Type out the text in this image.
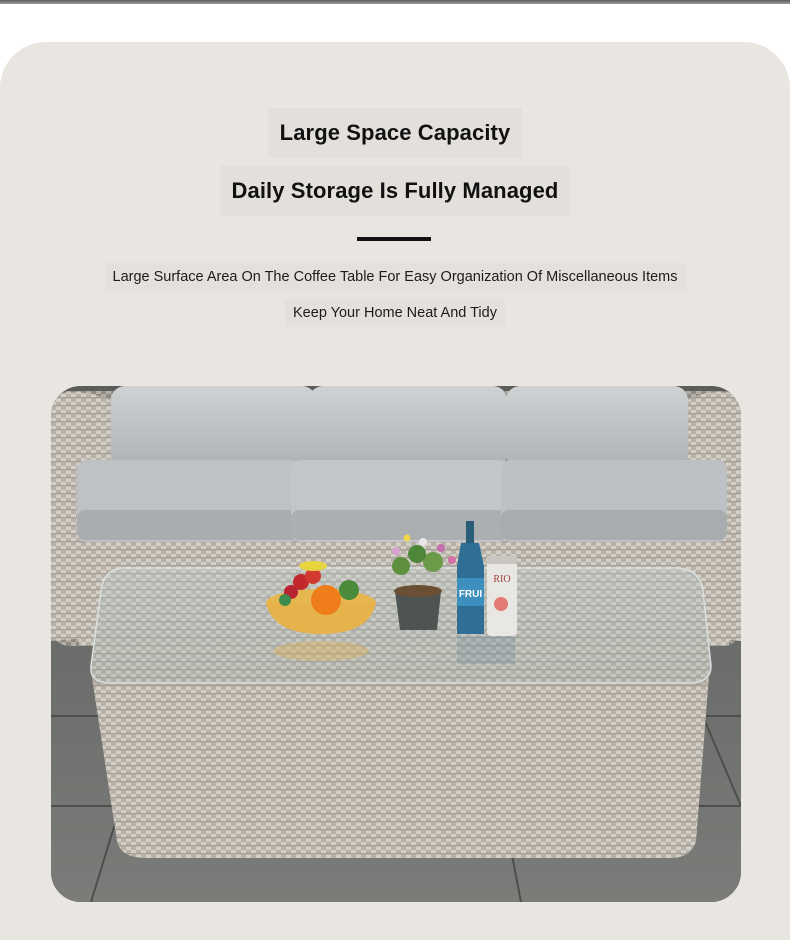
Large Space Capacity
Daily Storage Is Fully Managed
Large Surface Area On The Coffee Table For Easy Organization Of Miscellaneous Items
Keep Your Home Neat And Tidy
FRUI
RIO
